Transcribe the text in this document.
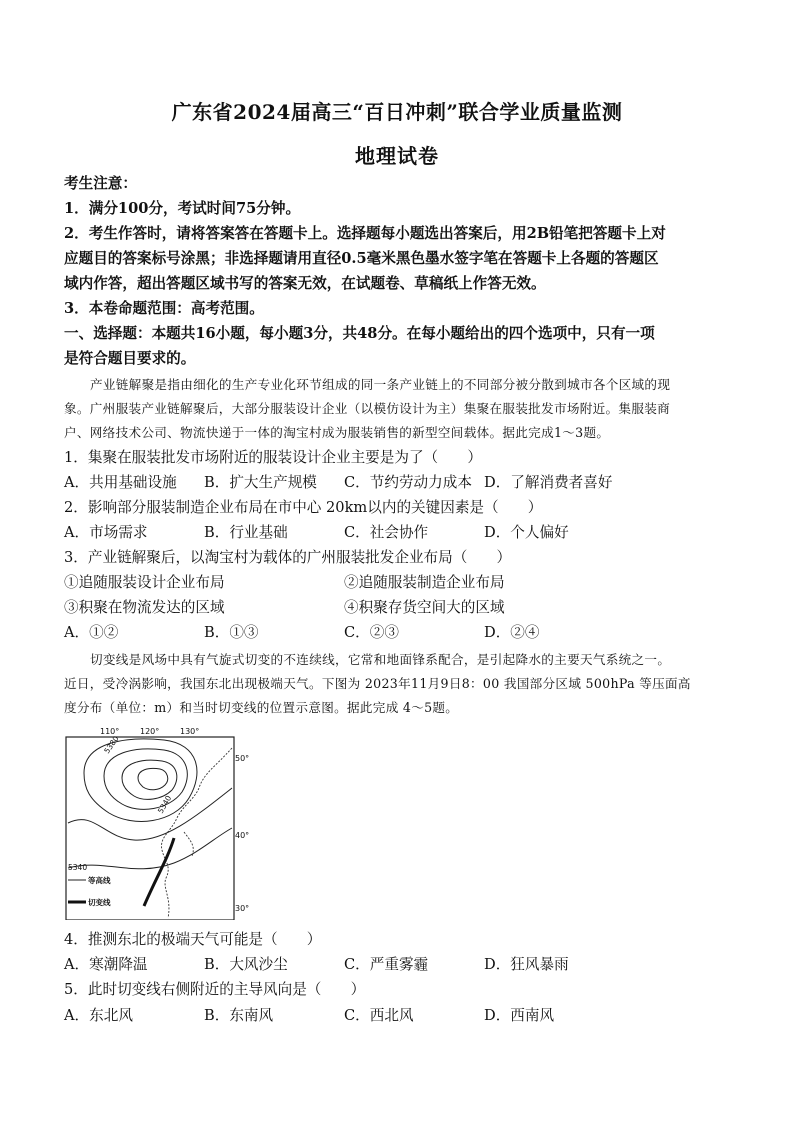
广东省2024届高三“百日冲刺”联合学业质量监测
地理试卷
考生注意：
1．满分100分，考试时间75分钟。
2．考生作答时，请将答案答在答题卡上。选择题每小题选出答案后，用2B铅笔把答题卡上对
应题目的答案标号涂黑；非选择题请用直径0.5毫米黑色墨水签字笔在答题卡上各题的答题区
域内作答，超出答题区域书写的答案无效，在试题卷、草稿纸上作答无效。
3．本卷命题范围：高考范围。
一、选择题：本题共16小题，每小题3分，共48分。在每小题给出的四个选项中，只有一项
是符合题目要求的。
产业链解聚是指由细化的生产专业化环节组成的同一条产业链上的不同部分被分散到城市各个区域的现
象。广州服装产业链解聚后，大部分服装设计企业（以模仿设计为主）集聚在服装批发市场附近。集服装商
户、网络技术公司、物流快递于一体的淘宝村成为服装销售的新型空间载体。据此完成1～3题。
1．集聚在服装批发市场附近的服装设计企业主要是为了（　　）
A．共用基础设施 B．扩大生产规模 C．节约劳动力成本 D．了解消费者喜好
2．影响部分服装制造企业布局在市中心 20km以内的关键因素是（　　）
A．市场需求	B．行业基础	C．社会协作	D．个人偏好
3．产业链解聚后，以淘宝村为载体的广州服装批发企业布局（　　）
①追随服装设计企业布局	②追随服装制造企业布局
③积聚在物流发达的区域	④积聚存货空间大的区域
A．①②	B．①③	C．②③	D．②④
切变线是风场中具有气旋式切变的不连续线，它常和地面锋系配合，是引起降水的主要天气系统之一。
近日，受冷涡影响，我国东北出现极端天气。下图为 2023年11月9日8：00 我国部分区域 500hPa 等压面高
度分布（单位：m）和当时切变线的位置示意图。据此完成 4～5题。
110°	120°	130°
50°
40°
30°
5380
5340
5340
等高线
切变线
4．推测东北的极端天气可能是（　　）
A．寒潮降温	B．大风沙尘	C．严重雾霾	D．狂风暴雨
5．此时切变线右侧附近的主导风向是（　　）
A．东北风	B．东南风	C．西北风	D．西南风
